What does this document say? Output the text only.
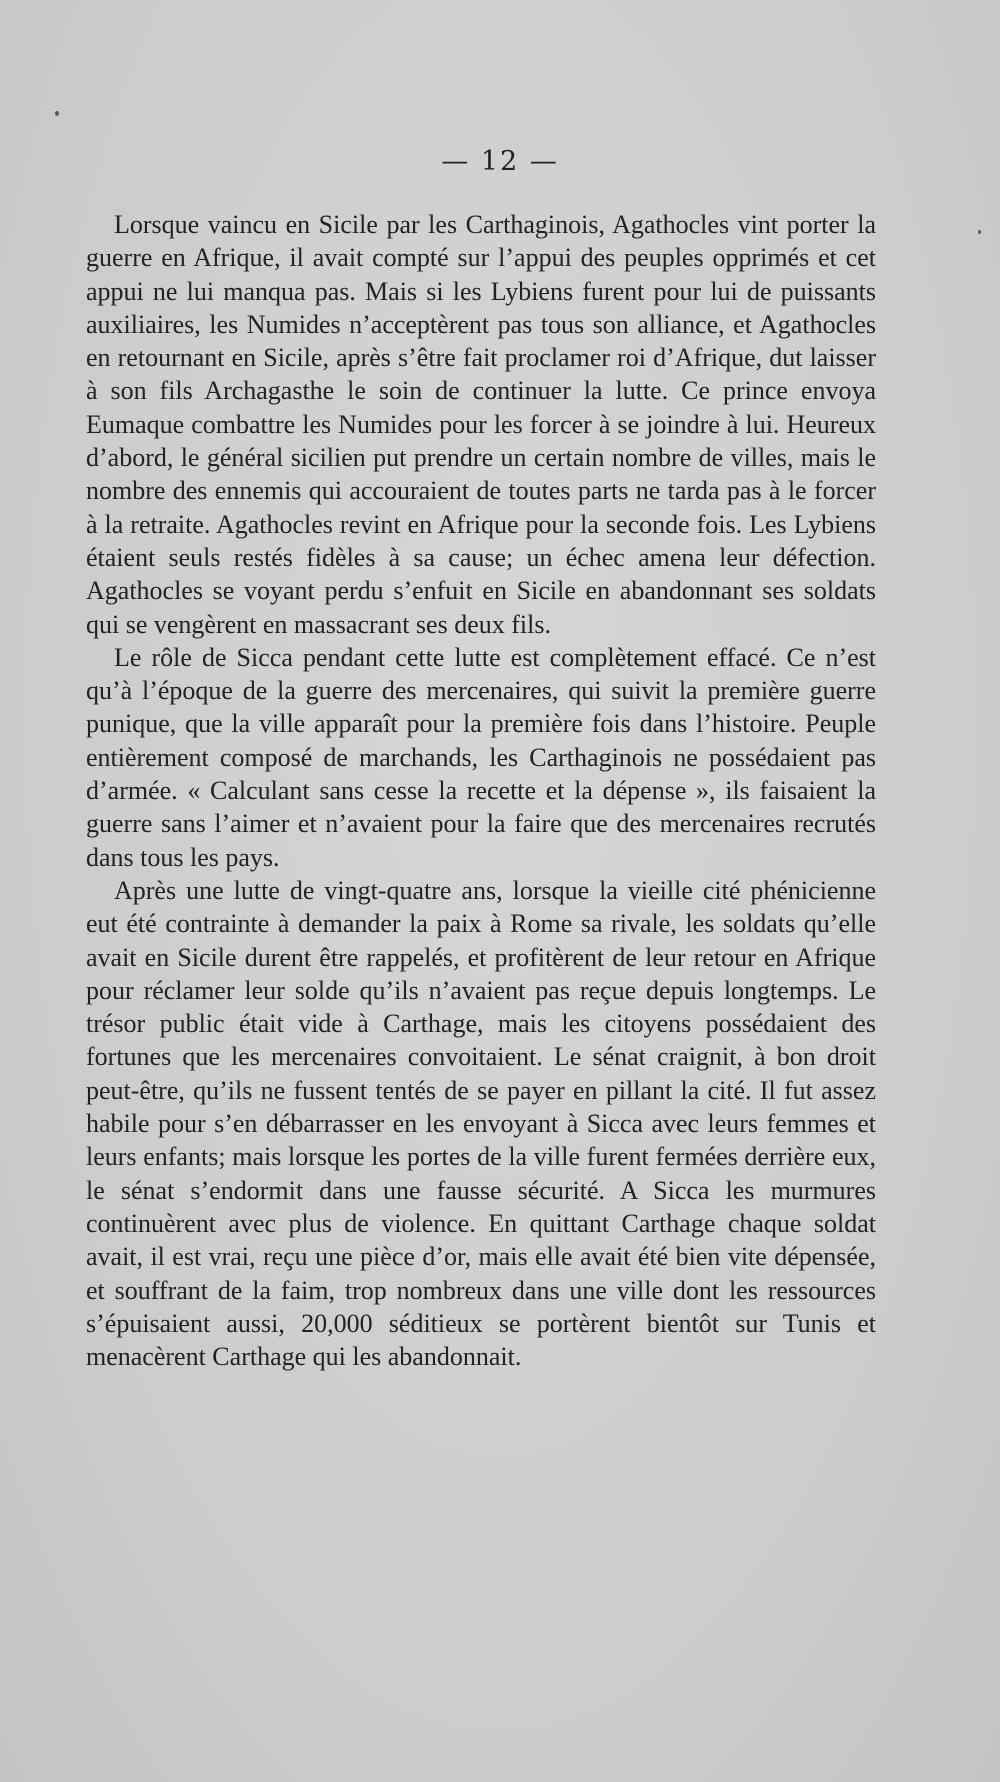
— 12 —

Lorsque vaincu en Sicile par les Carthaginois, Agathocles vint porter la guerre en Afrique, il avait compté sur l’appui des peuples opprimés et cet appui ne lui manqua pas. Mais si les Lybiens furent pour lui de puissants auxiliaires, les Numides n’acceptèrent pas tous son alliance, et Agathocles en retournant en Sicile, après s’être fait proclamer roi d’Afrique, dut laisser à son fils Archagasthe le soin de continuer la lutte. Ce prince envoya Eumaque combattre les Numides pour les forcer à se joindre à lui. Heureux d’abord, le général sicilien put prendre un certain nombre de villes, mais le nombre des ennemis qui accouraient de toutes parts ne tarda pas à le forcer à la retraite. Agathocles revint en Afrique pour la seconde fois. Les Lybiens étaient seuls restés fidèles à sa cause; un échec amena leur défection. Agathocles se voyant perdu s’enfuit en Sicile en abandonnant ses soldats qui se vengèrent en massacrant ses deux fils.

Le rôle de Sicca pendant cette lutte est complètement effacé. Ce n’est qu’à l’époque de la guerre des mercenaires, qui suivit la première guerre punique, que la ville apparaît pour la première fois dans l’histoire. Peuple entièrement composé de marchands, les Carthaginois ne possédaient pas d’armée. « Calculant sans cesse la recette et la dépense », ils faisaient la guerre sans l’aimer et n’avaient pour la faire que des mercenaires recrutés dans tous les pays.

Après une lutte de vingt-quatre ans, lorsque la vieille cité phénicienne eut été contrainte à demander la paix à Rome sa rivale, les soldats qu’elle avait en Sicile durent être rappelés, et profitèrent de leur retour en Afrique pour réclamer leur solde qu’ils n’avaient pas reçue depuis longtemps. Le trésor public était vide à Carthage, mais les citoyens possédaient des fortunes que les mercenaires convoitaient. Le sénat craignit, à bon droit peut-être, qu’ils ne fussent tentés de se payer en pillant la cité. Il fut assez habile pour s’en débarrasser en les envoyant à Sicca avec leurs femmes et leurs enfants; mais lorsque les portes de la ville furent fermées derrière eux, le sénat s’endormit dans une fausse sécurité. A Sicca les murmures continuèrent avec plus de violence. En quittant Carthage chaque soldat avait, il est vrai, reçu une pièce d’or, mais elle avait été bien vite dépensée, et souffrant de la faim, trop nombreux dans une ville dont les ressources s’épuisaient aussi, 20,000 séditieux se portèrent bientôt sur Tunis et menacèrent Carthage qui les abandonnait.
